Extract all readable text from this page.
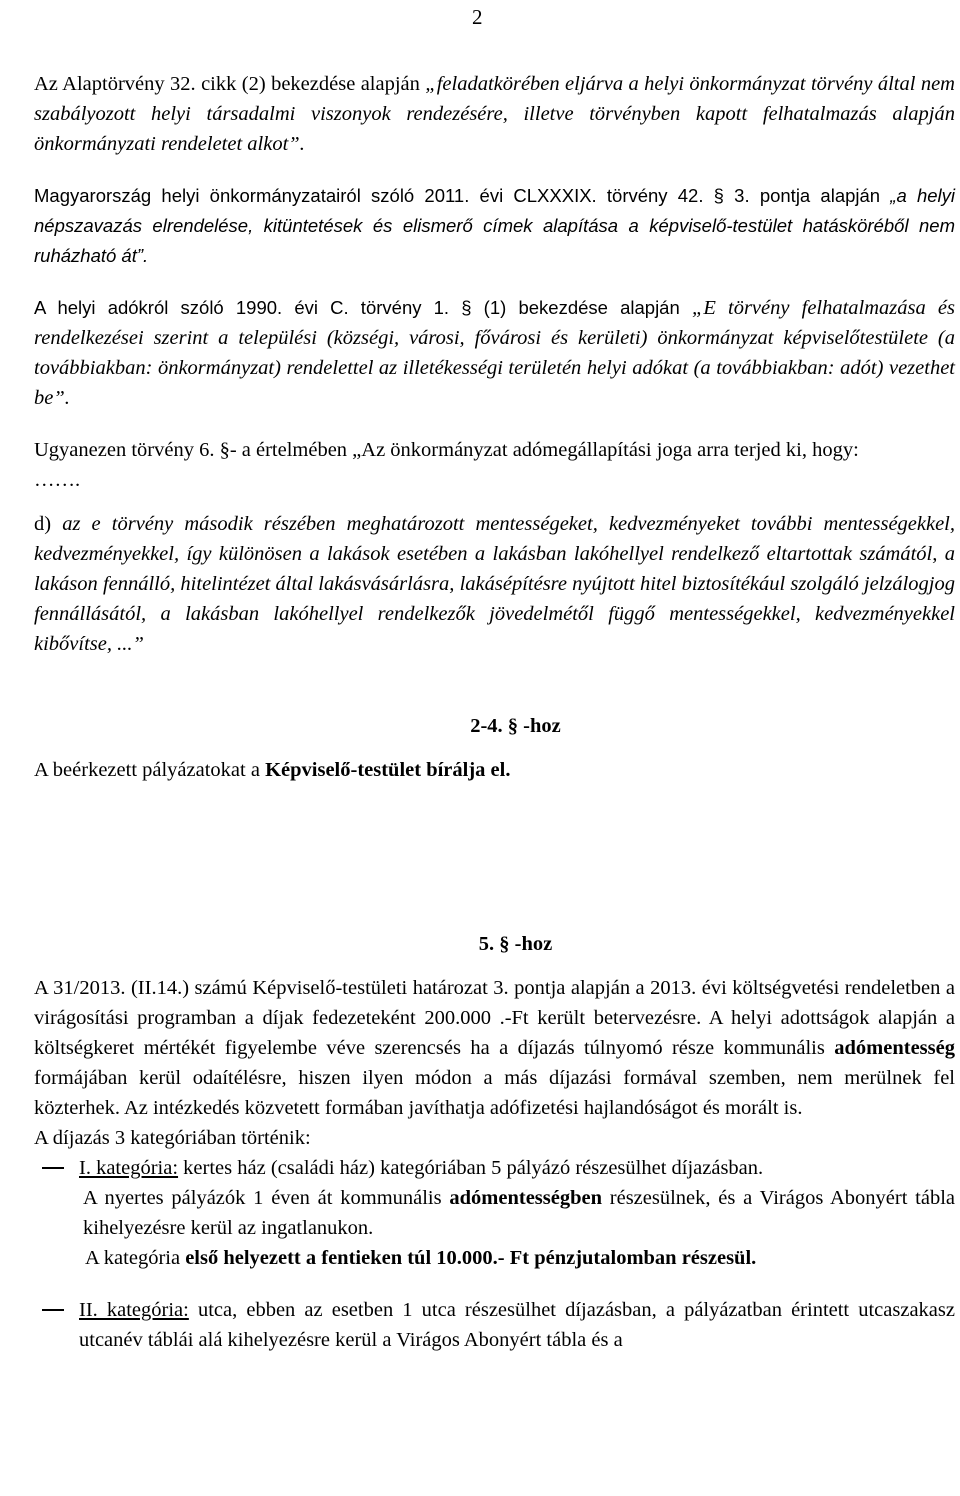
2

Az Alaptörvény 32. cikk (2) bekezdése alapján „feladatkörében eljárva a helyi önkormányzat törvény által nem szabályozott helyi társadalmi viszonyok rendezésére, illetve törvényben kapott felhatalmazás alapján önkormányzati rendeletet alkot”.

Magyarország helyi önkormányzatairól szóló 2011. évi CLXXXIX. törvény 42. § 3. pontja alapján „a helyi népszavazás elrendelése, kitüntetések és elismerő címek alapítása a képviselő-testület hatásköréből nem ruházható át”.

A helyi adókról szóló 1990. évi C. törvény 1. § (1) bekezdése alapján „E törvény felhatalmazása és rendelkezései szerint a települési (községi, városi, fővárosi és kerületi) önkormányzat képviselőtestülete (a továbbiakban: önkormányzat) rendelettel az illetékességi területén helyi adókat (a továbbiakban: adót) vezethet be”.

Ugyanezen törvény 6. §- a értelmében „Az önkormányzat adómegállapítási joga arra terjed ki, hogy:

…….

d) az e törvény második részében meghatározott mentességeket, kedvezményeket további mentességekkel, kedvezményekkel, így különösen a lakások esetében a lakásban lakóhellyel rendelkező eltartottak számától, a lakáson fennálló, hitelintézet által lakásvásárlásra, lakásépítésre nyújtott hitel biztosítékául szolgáló jelzálogjog fennállásától, a lakásban lakóhellyel rendelkezők jövedelmétől függő mentességekkel, kedvezményekkel kibővítse, ...”

2-4. § -hoz

A beérkezett pályázatokat a Képviselő-testület bírálja el.

5. § -hoz

A 31/2013. (II.14.) számú Képviselő-testületi határozat 3. pontja alapján a 2013. évi költségvetési rendeletben a virágosítási programban a díjak fedezeteként 200.000 .-Ft került betervezésre. A helyi adottságok alapján a költségkeret mértékét figyelembe véve szerencsés ha a díjazás túlnyomó része kommunális adómentesség formájában kerül odaítélésre, hiszen ilyen módon a más díjazási formával szemben, nem merülnek fel közterhek. Az intézkedés közvetett formában javíthatja adófizetési hajlandóságot és morált is.

A díjazás 3 kategóriában történik:

I. kategória: kertes ház (családi ház) kategóriában 5 pályázó részesülhet díjazásban.

A nyertes pályázók 1 éven át kommunális adómentességben részesülnek, és a Virágos Abonyért tábla kihelyezésre kerül az ingatlanukon.

A kategória első helyezett a fentieken túl 10.000.- Ft pénzjutalomban részesül.

II. kategória: utca, ebben az esetben 1 utca részesülhet díjazásban, a pályázatban érintett utcaszakasz utcanév táblái alá kihelyezésre kerül a Virágos Abonyért tábla és a
